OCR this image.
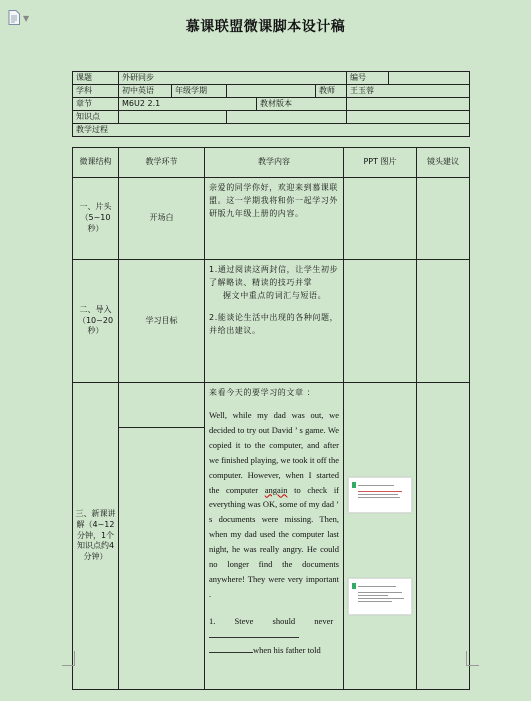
▼
慕课联盟微课脚本设计稿
课题	外研同步					编号	
学科	初中英语	年级学期			教师	王玉蓉	
章节	M6U2 2.1			教材版本			
知识点							
教学过程							
微课结构	教学环节	教学内容	PPT 图片	镜头建议
一、片头（5~10秒）	开场白	亲爱的同学你好，欢迎来到慕课联盟。这一学期我将和你一起学习外研版九年级上册的内容。		
二、导入（10~20秒）	学习目标	1.通过阅读这两封信，让学生初步了解略读、精读的技巧并掌
握文中重点的词汇与短语。
2.能谈论生活中出现的各种问题，并给出建议。		

三、新课讲解（4~12分钟，1个知识点约4分钟）		来看今天的要学习的文章 ：
Well, while my dad was out, we decided to try out David ’ s game. We copied it to the computer, and after we finished playing, we took it off the computer. However, when I started the computer angain to check if everything was OK, some of my dad ’ s documents were missing. Then, when my dad used the computer last night, he was really angry. He could no longer find the documents anywhere! They were very important .
1. Steve should never
when his father told		
